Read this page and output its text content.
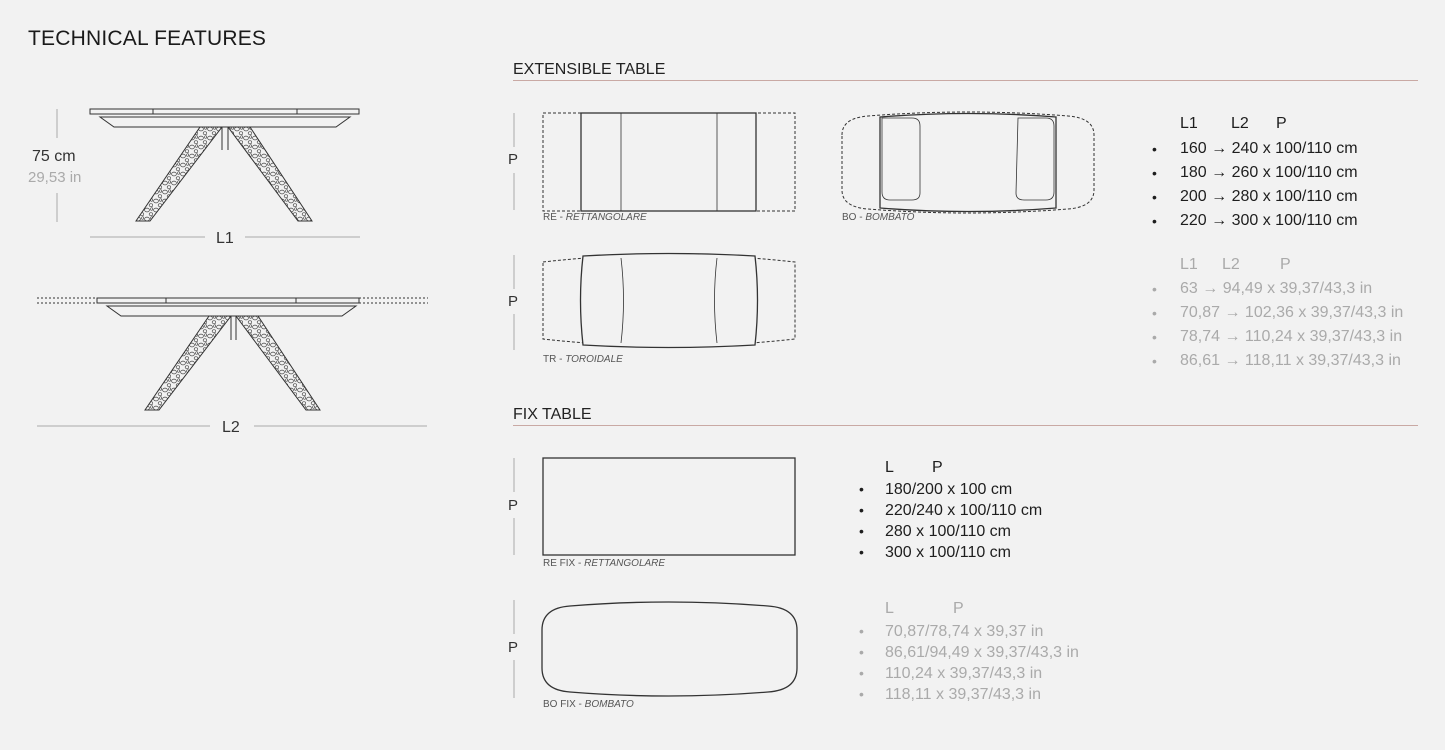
TECHNICAL FEATURES
75 cm
29,53 in
L1
L2
EXTENSIBLE TABLE
P
P
RE - RETTANGOLARE	BO - BOMBATO
TR - TOROIDALE
L1 L2 P
• 160 → 240 x 100/110 cm
• 180 → 260 x 100/110 cm
• 200 → 280 x 100/110 cm
• 220 → 300 x 100/110 cm
L1 L2	P
• 63 → 94,49 x 39,37/43,3 in
• 70,87 → 102,36 x 39,37/43,3 in
• 78,74 → 110,24 x 39,37/43,3 in
• 86,61 → 118,11 x 39,37/43,3 in
FIX TABLE
P
P
RE FIX - RETTANGOLARE
BO FIX - BOMBATO
L P
• 180/200 x 100 cm
• 220/240 x 100/110 cm
• 280 x 100/110 cm
• 300 x 100/110 cm
L	P
• 70,87/78,74 x 39,37 in
• 86,61/94,49 x 39,37/43,3 in
• 110,24 x 39,37/43,3 in
• 118,11 x 39,37/43,3 in
